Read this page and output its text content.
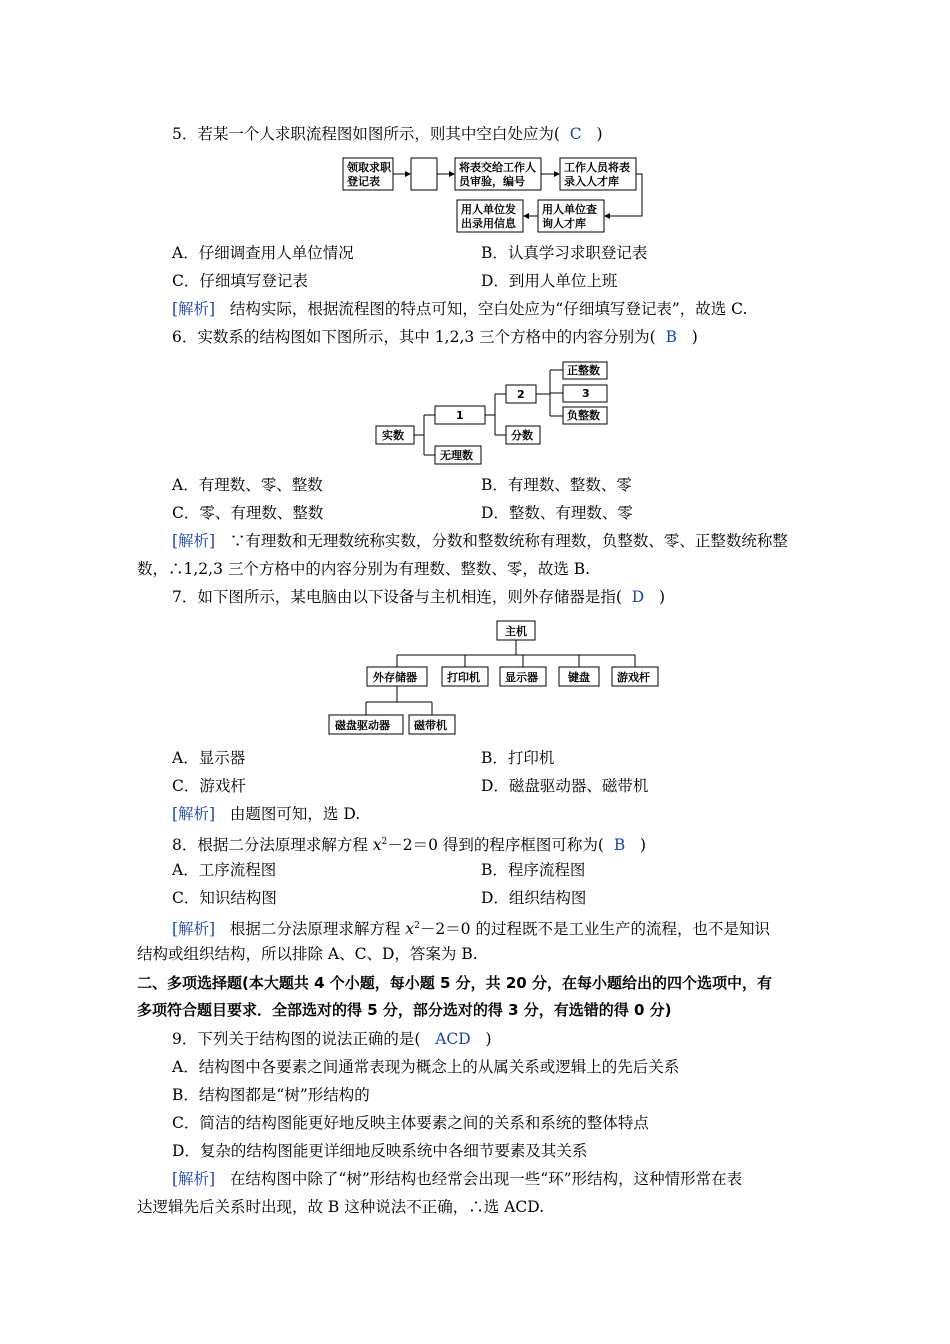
5．若某一个人求职流程图如图所示，则其中空白处应为( C )
领取求职
登记表
将表交给工作人
员审验，编号
工作人员将表
录入人才库
用人单位查
询人才库
用人单位发
出录用信息
A．仔细调查用人单位情况	B．认真学习求职登记表
C．仔细填写登记表	D．到用人单位上班
[解析] 结构实际，根据流程图的特点可知，空白处应为“仔细填写登记表”，故选 C.
6．实数系的结构图如下图所示，其中 1,2,3 三个方格中的内容分别为( B )
实数
1
无理数
2
分数
正整数
3
负整数
A．有理数、零、整数	B．有理数、整数、零
C．零、有理数、整数	D．整数、有理数、零
[解析] ∵有理数和无理数统称实数，分数和整数统称有理数，负整数、零、正整数统称整
数，∴1,2,3 三个方格中的内容分别为有理数、整数、零，故选 B.
7．如下图所示，某电脑由以下设备与主机相连，则外存储器是指( D )
主机
外存储器	打印机 显示器	键盘 游戏杆
磁盘驱动器 磁带机
A．显示器	B．打印机
C．游戏杆	D．磁盘驱动器、磁带机
[解析] 由题图可知，选 D.
8．根据二分法原理求解方程 $x^2-2=0$ 得到的程序框图可称为( B )
A．工序流程图	B．程序流程图
C．知识结构图	D．组织结构图
[解析] 根据二分法原理求解方程 $x^2-2=0$ 的过程既不是工业生产的流程，也不是知识
结构或组织结构，所以排除 A、C、D，答案为 B.
二、多项选择题(本大题共 4 个小题，每小题 5 分，共 20 分，在每小题给出的四个选项中，有
多项符合题目要求．全部选对的得 5 分，部分选对的得 3 分，有选错的得 0 分)
9．下列关于结构图的说法正确的是( ACD )
A．结构图中各要素之间通常表现为概念上的从属关系或逻辑上的先后关系
B．结构图都是“树”形结构的
C．简洁的结构图能更好地反映主体要素之间的关系和系统的整体特点
D．复杂的结构图能更详细地反映系统中各细节要素及其关系
[解析] 在结构图中除了“树”形结构也经常会出现一些“环”形结构，这种情形常在表
达逻辑先后关系时出现，故 B 这种说法不正确，∴选 ACD.
